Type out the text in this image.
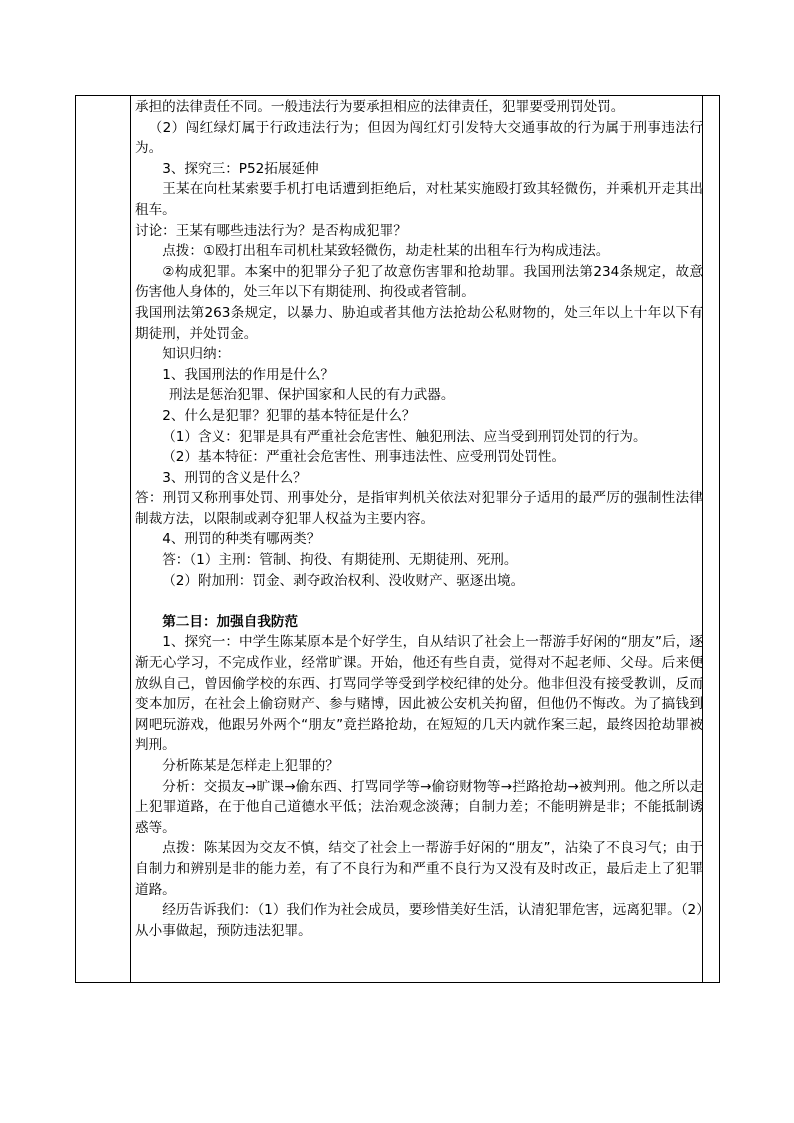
承担的法律责任不同。一般违法行为要承担相应的法律责任，犯罪要受刑罚处罚。

（2）闯红绿灯属于行政违法行为；但因为闯红灯引发特大交通事故的行为属于刑事违法行为。

3、探究三：P52拓展延伸

王某在向杜某索要手机打电话遭到拒绝后，对杜某实施殴打致其轻微伤，并乘机开走其出租车。

讨论：王某有哪些违法行为？是否构成犯罪？

点拨：①殴打出租车司机杜某致轻微伤，劫走杜某的出租车行为构成违法。

②构成犯罪。本案中的犯罪分子犯了故意伤害罪和抢劫罪。我国刑法第234条规定，故意伤害他人身体的，处三年以下有期徒刑、拘役或者管制。

我国刑法第263条规定，以暴力、胁迫或者其他方法抢劫公私财物的，处三年以上十年以下有期徒刑，并处罚金。

知识归纳：

1、我国刑法的作用是什么？

刑法是惩治犯罪、保护国家和人民的有力武器。

2、什么是犯罪？犯罪的基本特征是什么？

（1）含义：犯罪是具有严重社会危害性、触犯刑法、应当受到刑罚处罚的行为。

（2）基本特征：严重社会危害性、刑事违法性、应受刑罚处罚性。

3、刑罚的含义是什么？

答：刑罚又称刑事处罚、刑事处分，是指审判机关依法对犯罪分子适用的最严厉的强制性法律制裁方法，以限制或剥夺犯罪人权益为主要内容。

4、刑罚的种类有哪两类？

答：（1）主刑：管制、拘役、有期徒刑、无期徒刑、死刑。

（2）附加刑：罚金、剥夺政治权利、没收财产、驱逐出境。

第二目：加强自我防范

1、探究一：中学生陈某原本是个好学生，自从结识了社会上一帮游手好闲的“朋友”后，逐渐无心学习，不完成作业，经常旷课。开始，他还有些自责，觉得对不起老师、父母。后来便放纵自己，曾因偷学校的东西、打骂同学等受到学校纪律的处分。他非但没有接受教训，反而变本加厉，在社会上偷窃财产、参与赌博，因此被公安机关拘留，但他仍不悔改。为了搞钱到网吧玩游戏，他跟另外两个“朋友”竟拦路抢劫，在短短的几天内就作案三起，最终因抢劫罪被判刑。

分析陈某是怎样走上犯罪的？

分析：交损友→旷课→偷东西、打骂同学等→偷窃财物等→拦路抢劫→被判刑。他之所以走上犯罪道路，在于他自己道德水平低；法治观念淡薄；自制力差；不能明辨是非；不能抵制诱惑等。

点拨：陈某因为交友不慎，结交了社会上一帮游手好闲的“朋友”，沾染了不良习气；由于自制力和辨别是非的能力差，有了不良行为和严重不良行为又没有及时改正，最后走上了犯罪道路。

经历告诉我们：（1）我们作为社会成员，要珍惜美好生活，认清犯罪危害，远离犯罪。（2）从小事做起，预防违法犯罪。
